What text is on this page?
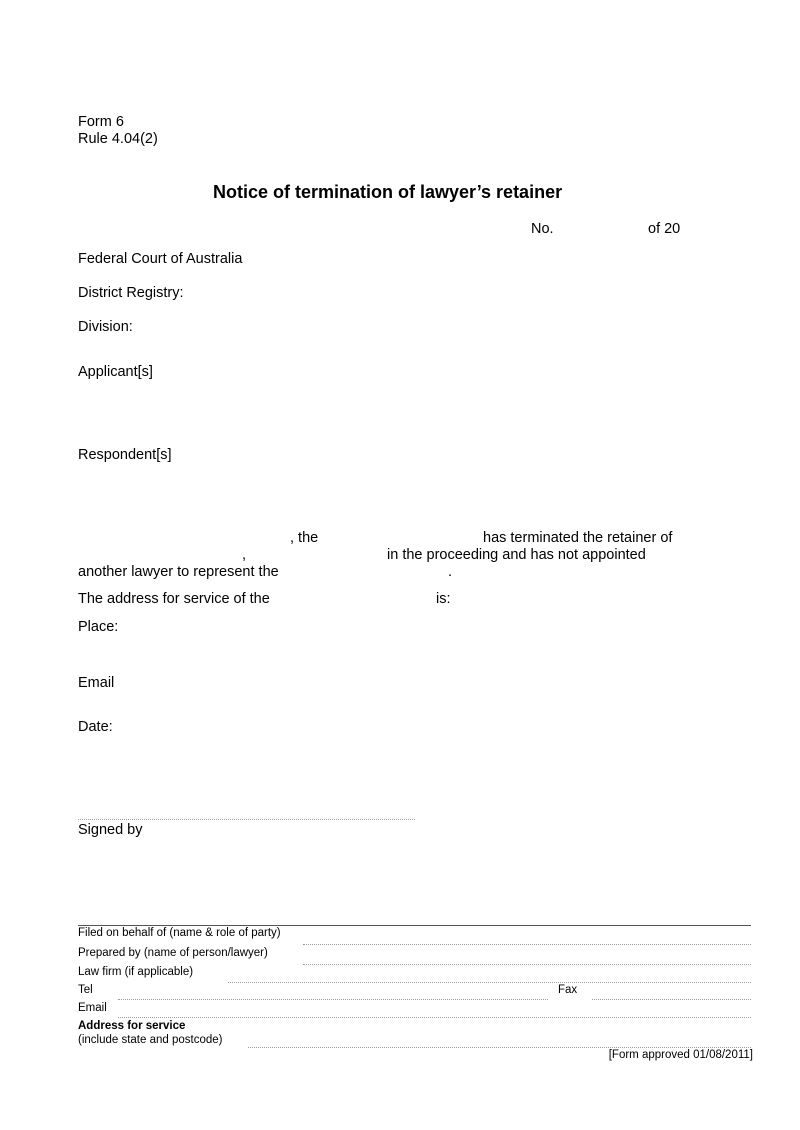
Form 6
Rule 4.04(2)
Notice of termination of lawyer’s retainer
No.	of 20
Federal Court of Australia
District Registry:
Division:
Applicant[s]
Respondent[s]
, the	has terminated the retainer of
,	in the proceeding and has not appointed
another lawyer to represent the	.
The address for service of the	is:
Place:
Email
Date:
Signed by
Filed on behalf of (name & role of party)
Prepared by (name of person/lawyer)
Law firm (if applicable)
Tel	Fax
Email
Address for service
(include state and postcode)
[Form approved 01/08/2011]
